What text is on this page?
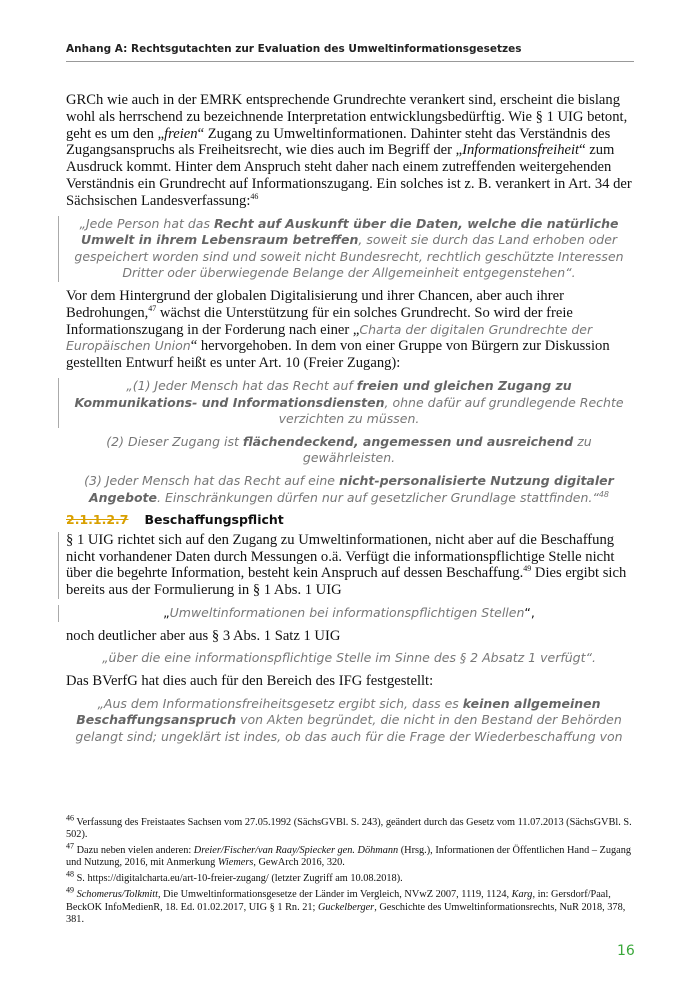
Anhang A: Rechtsgutachten zur Evaluation des Umweltinformationsgesetzes

GRCh wie auch in der EMRK entsprechende Grundrechte verankert sind, erscheint die bislang wohl als herrschend zu bezeichnende Interpretation entwicklungsbedürftig. Wie § 1 UIG betont, geht es um den „freien“ Zugang zu Umweltinformationen. Dahinter steht das Verständnis des Zugangsanspruchs als Freiheitsrecht, wie dies auch im Begriff der „Informationsfreiheit“ zum Ausdruck kommt. Hinter dem Anspruch steht daher nach einem zutreffenden weitergehenden Verständnis ein Grundrecht auf Informationszugang. Ein solches ist z. B. verankert in Art. 34 der Sächsischen Landesverfassung:$^{46}$

„Jede Person hat das Recht auf Auskunft über die Daten, welche die natürliche Umwelt in ihrem Lebensraum betreffen, soweit sie durch das Land erhoben oder gespeichert worden sind und soweit nicht Bundesrecht, rechtlich geschützte Interessen Dritter oder überwiegende Belange der Allgemeinheit entgegenstehen“.

Vor dem Hintergrund der globalen Digitalisierung und ihrer Chancen, aber auch ihrer Bedrohungen,$^{47}$ wächst die Unterstützung für ein solches Grundrecht. So wird der freie Informationszugang in der Forderung nach einer „Charta der digitalen Grundrechte der Europäischen Union“ hervorgehoben. In dem von einer Gruppe von Bürgern zur Diskussion gestellten Entwurf heißt es unter Art. 10 (Freier Zugang):

„(1) Jeder Mensch hat das Recht auf freien und gleichen Zugang zu Kommunikations- und Informationsdiensten, ohne dafür auf grundlegende Rechte verzichten zu müssen.

(2) Dieser Zugang ist flächendeckend, angemessen und ausreichend zu gewährleisten.

(3) Jeder Mensch hat das Recht auf eine nicht-personalisierte Nutzung digitaler Angebote. Einschränkungen dürfen nur auf gesetzlicher Grundlage stattfinden.“$^{48}$

2.1.1.2.7 Beschaffungspflicht

§ 1 UIG richtet sich auf den Zugang zu Umweltinformationen, nicht aber auf die Beschaffung nicht vorhandener Daten durch Messungen o.ä. Verfügt die informationspflichtige Stelle nicht über die begehrte Information, besteht kein Anspruch auf dessen Beschaffung.$^{49}$ Dies ergibt sich bereits aus der Formulierung in § 1 Abs. 1 UIG

„Umweltinformationen bei informationspflichtigen Stellen“,

noch deutlicher aber aus § 3 Abs. 1 Satz 1 UIG

„über die eine informationspflichtige Stelle im Sinne des § 2 Absatz 1 verfügt“.

Das BVerfG hat dies auch für den Bereich des IFG festgestellt:

„Aus dem Informationsfreiheitsgesetz ergibt sich, dass es keinen allgemeinen Beschaffungsanspruch von Akten begründet, die nicht in den Bestand der Behörden gelangt sind; ungeklärt ist indes, ob das auch für die Frage der Wiederbeschaffung von

$^{46}$ Verfassung des Freistaates Sachsen vom 27.05.1992 (SächsGVBl. S. 243), geändert durch das Gesetz vom 11.07.2013 (SächsGVBl. S. 502).

$^{47}$ Dazu neben vielen anderen: Dreier/Fischer/van Raay/Spiecker gen. Döhmann (Hrsg.), Informationen der Öffentlichen Hand – Zugang und Nutzung, 2016, mit Anmerkung Wiemers, GewArch 2016, 320.

$^{48}$ S. https://digitalcharta.eu/art-10-freier-zugang/ (letzter Zugriff am 10.08.2018).

$^{49}$ Schomerus/Tolkmitt, Die Umweltinformationsgesetze der Länder im Vergleich, NVwZ 2007, 1119, 1124, Karg, in: Gersdorf/Paal, BeckOK InfoMedienR, 18. Ed. 01.02.2017, UIG § 1 Rn. 21; Guckelberger, Geschichte des Umweltinformationsrechts, NuR 2018, 378, 381.

16
